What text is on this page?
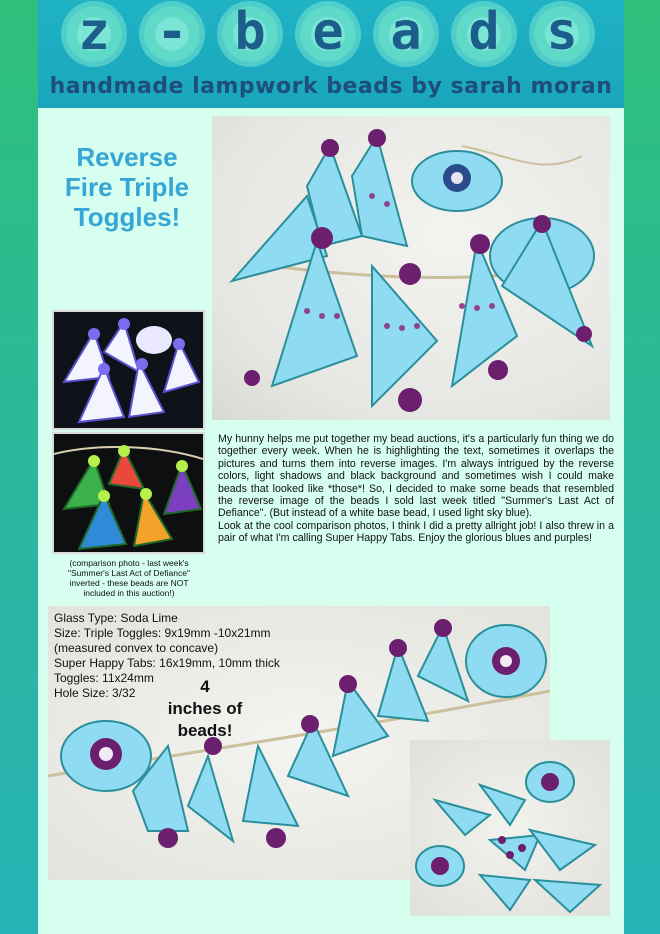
z - b e a d s
handmade lampwork beads by sarah moran
Reverse Fire Triple Toggles!
(comparison photo - last week's "Summer's Last Act of Defiance" inverted - these beads are NOT included in this auction!)

My hunny helps me put together my bead auctions, it's a particularly fun thing we do together every week. When he is highlighting the text, sometimes it overlaps the pictures and turns them into reverse images. I'm always intrigued by the reverse colors, light shadows and black background and sometimes wish I could make beads that looked like *those*! So, I decided to make some beads that resembled the reverse image of the beads I sold last week titled "Summer's Last Act of Defiance". (But instead of a white base bead, I used light sky blue).

Look at the cool comparison photos, I think I did a pretty allright job! I also threw in a pair of what I'm calling Super Happy Tabs. Enjoy the glorious blues and purples!

Glass Type: Soda Lime
Size: Triple Toggles: 9x19mm -10x21mm
(measured convex to concave)
Super Happy Tabs: 16x19mm, 10mm thick
Toggles: 11x24mm
Hole Size: 3/32	4
inches of
beads!
